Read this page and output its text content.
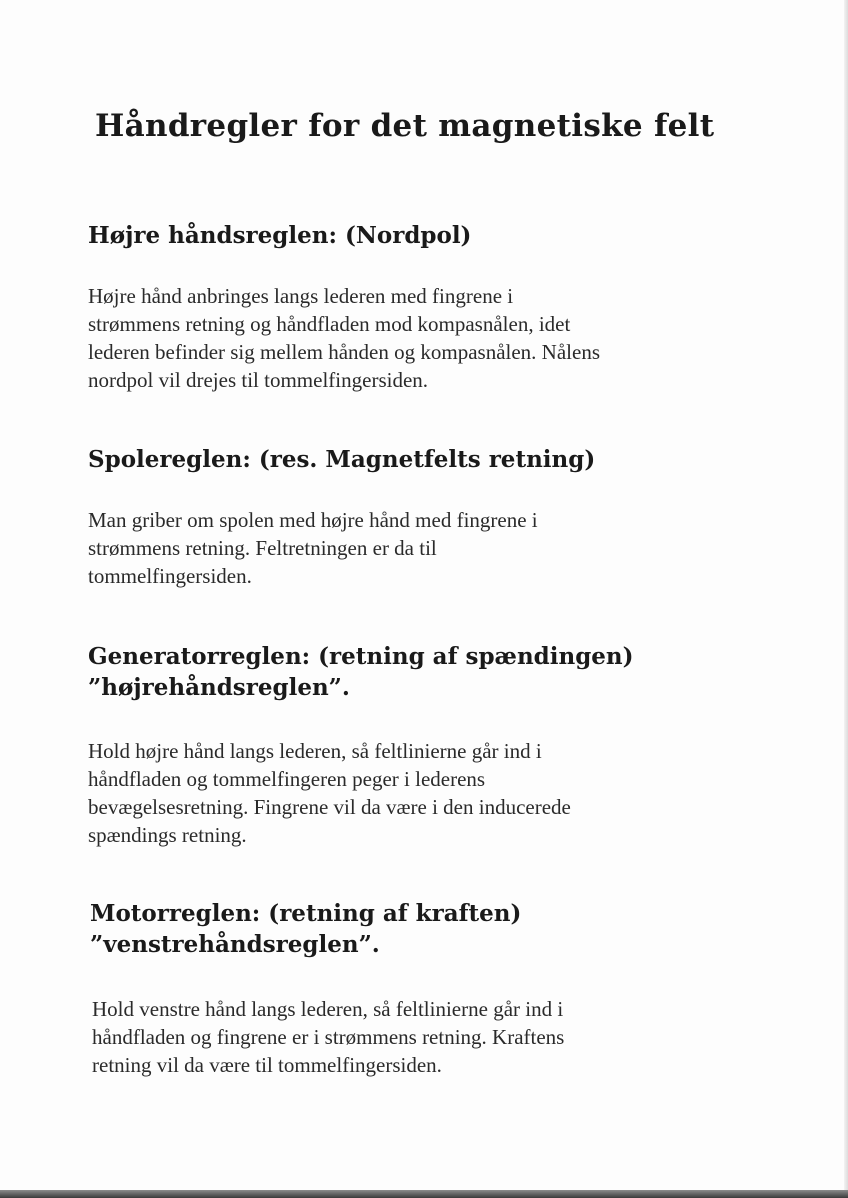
Håndregler for det magnetiske felt
Højre håndsreglen: (Nordpol)

Højre hånd anbringes langs lederen med fingrene i
strømmens retning og håndfladen mod kompasnålen, idet
lederen befinder sig mellem hånden og kompasnålen. Nålens
nordpol vil drejes til tommelfingersiden.

Spolereglen: (res. Magnetfelts retning)

Man griber om spolen med højre hånd med fingrene i
strømmens retning. Feltretningen er da til
tommelfingersiden.

Generatorreglen: (retning af spændingen)
”højrehåndsreglen”.

Hold højre hånd langs lederen, så feltlinierne går ind i
håndfladen og tommelfingeren peger i lederens
bevægelsesretning. Fingrene vil da være i den inducerede
spændings retning.

Motorreglen: (retning af kraften)
”venstrehåndsreglen”.

Hold venstre hånd langs lederen, så feltlinierne går ind i
håndfladen og fingrene er i strømmens retning. Kraftens
retning vil da være til tommelfingersiden.
